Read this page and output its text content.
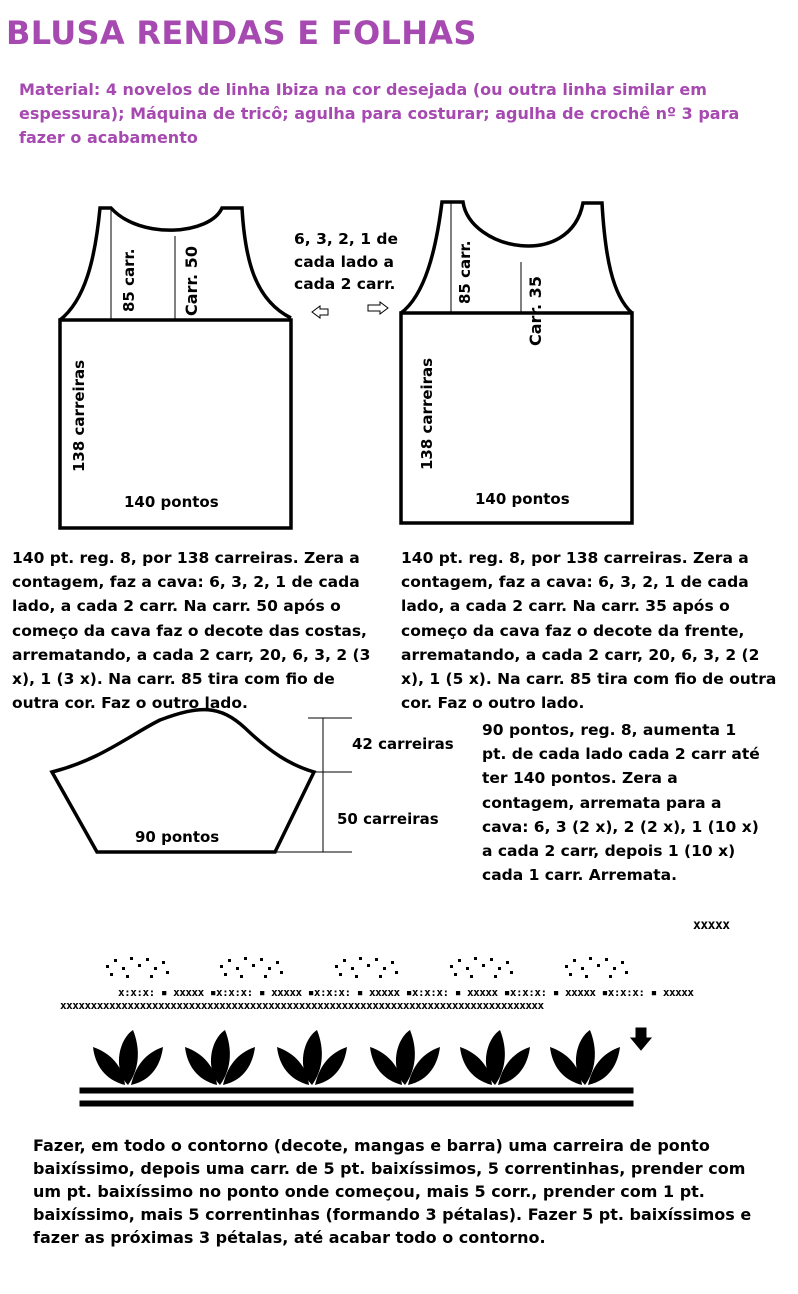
BLUSA RENDAS E FOLHAS
Material: 4 novelos de linha Ibiza na cor desejada (ou outra linha similar em espessura); Máquina de tricô; agulha para costurar; agulha de crochê nº 3 para fazer o acabamento
85 carr.	Carr. 50
138 carreiras
140 pontos
6, 3, 2, 1 de cada lado a cada 2 carr.	85 carr.
Carr. 35
138 carreiras
140 pontos
140 pt. reg. 8, por 138 carreiras. Zera a contagem, faz a cava: 6, 3, 2, 1 de cada lado, a cada 2 carr. Na carr. 50 após o começo da cava faz o decote das costas, arrematando, a cada 2 carr, 20, 6, 3, 2 (3 x), 1 (3 x). Na carr. 85 tira com fio de outra cor. Faz o outro lado.
140 pt. reg. 8, por 138 carreiras. Zera a contagem, faz a cava: 6, 3, 2, 1 de cada lado, a cada 2 carr. Na carr. 35 após o começo da cava faz o decote da frente, arrematando, a cada 2 carr, 20, 6, 3, 2 (2 x), 1 (5 x). Na carr. 85 tira com fio de outra cor. Faz o outro lado.
42 carreiras
50 carreiras
90 pontos
90 pontos, reg. 8, aumenta 1 pt. de cada lado cada 2 carr até ter 140 pontos. Zera a contagem, arremata para a cava: 6, 3 (2 x), 2 (2 x), 1 (10 x) a cada 2 carr, depois 1 (10 x) cada 1 carr. Arremata.
xxxxx
x:x:x: ▪ xxxxx ▪x:x:x: ▪ xxxxx ▪x:x:x: ▪ xxxxx ▪x:x:x: ▪ xxxxx ▪x:x:x: ▪ xxxxx ▪x:x:x: ▪ xxxxx
xxxxxxxxxxxxxxxxxxxxxxxxxxxxxxxxxxxxxxxxxxxxxxxxxxxxxxxxxxxxxxxxxxxxxxxxxxxxxxx
Fazer, em todo o contorno (decote, mangas e barra) uma carreira de ponto baixíssimo, depois uma carr. de 5 pt. baixíssimos, 5 correntinhas, prender com um pt. baixíssimo no ponto onde começou, mais 5 corr., prender com 1 pt. baixíssimo, mais 5 correntinhas (formando 3 pétalas). Fazer 5 pt. baixíssimos e fazer as próximas 3 pétalas, até acabar todo o contorno.
